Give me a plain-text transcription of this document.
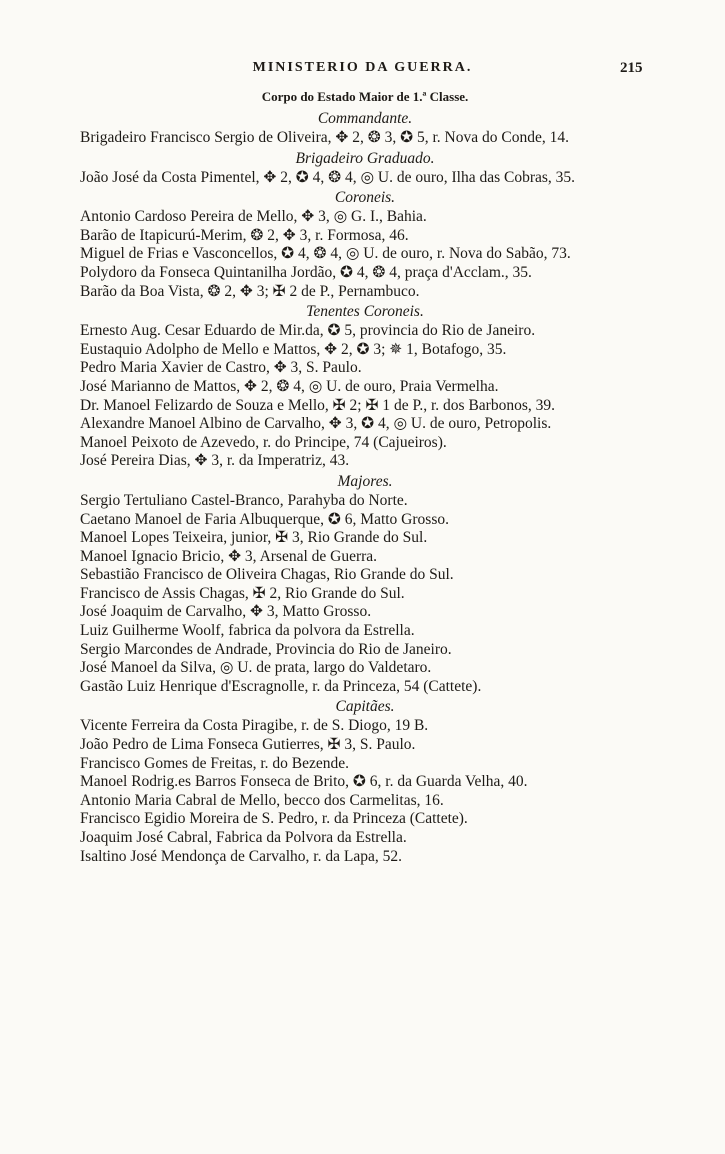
MINISTERIO DA GUERRA.	215
Corpo do Estado Maior de 1.ª Classe.
Commandante.
Brigadeiro Francisco Sergio de Oliveira, ✥ 2, ❂ 3, ✪ 5, r. Nova do Conde, 14.
Brigadeiro Graduado.
João José da Costa Pimentel, ✥ 2, ✪ 4, ❂ 4, ◎ U. de ouro, Ilha das Cobras, 35.
Coroneis.
Antonio Cardoso Pereira de Mello, ✥ 3, ◎ G. I., Bahia.
Barão de Itapicurú-Merim, ❂ 2, ✥ 3, r. Formosa, 46.
Miguel de Frias e Vasconcellos, ✪ 4, ❂ 4, ◎ U. de ouro, r. Nova do Sabão, 73.
Polydoro da Fonseca Quintanilha Jordão, ✪ 4, ❂ 4, praça d'Acclam., 35.
Barão da Boa Vista, ❂ 2, ✥ 3; ✠ 2 de P., Pernambuco.
Tenentes Coroneis.
Ernesto Aug. Cesar Eduardo de Mir.da, ✪ 5, provincia do Rio de Janeiro.
Eustaquio Adolpho de Mello e Mattos, ✥ 2, ✪ 3; ✵ 1, Botafogo, 35.
Pedro Maria Xavier de Castro, ✥ 3, S. Paulo.
José Marianno de Mattos, ✥ 2, ❂ 4, ◎ U. de ouro, Praia Vermelha.
Dr. Manoel Felizardo de Souza e Mello, ✠ 2; ✠ 1 de P., r. dos Barbonos, 39.
Alexandre Manoel Albino de Carvalho, ✥ 3, ✪ 4, ◎ U. de ouro, Petropolis.
Manoel Peixoto de Azevedo, r. do Principe, 74 (Cajueiros).
José Pereira Dias, ✥ 3, r. da Imperatriz, 43.
Majores.
Sergio Tertuliano Castel-Branco, Parahyba do Norte.
Caetano Manoel de Faria Albuquerque, ✪ 6, Matto Grosso.
Manoel Lopes Teixeira, junior, ✠ 3, Rio Grande do Sul.
Manoel Ignacio Bricio, ✥ 3, Arsenal de Guerra.
Sebastião Francisco de Oliveira Chagas, Rio Grande do Sul.
Francisco de Assis Chagas, ✠ 2, Rio Grande do Sul.
José Joaquim de Carvalho, ✥ 3, Matto Grosso.
Luiz Guilherme Woolf, fabrica da polvora da Estrella.
Sergio Marcondes de Andrade, Provincia do Rio de Janeiro.
José Manoel da Silva, ◎ U. de prata, largo do Valdetaro.
Gastão Luiz Henrique d'Escragnolle, r. da Princeza, 54 (Cattete).
Capitães.
Vicente Ferreira da Costa Piragibe, r. de S. Diogo, 19 B.
João Pedro de Lima Fonseca Gutierres, ✠ 3, S. Paulo.
Francisco Gomes de Freitas, r. do Bezende.
Manoel Rodrig.es Barros Fonseca de Brito, ✪ 6, r. da Guarda Velha, 40.
Antonio Maria Cabral de Mello, becco dos Carmelitas, 16.
Francisco Egidio Moreira de S. Pedro, r. da Princeza (Cattete).
Joaquim José Cabral, Fabrica da Polvora da Estrella.
Isaltino José Mendonça de Carvalho, r. da Lapa, 52.
